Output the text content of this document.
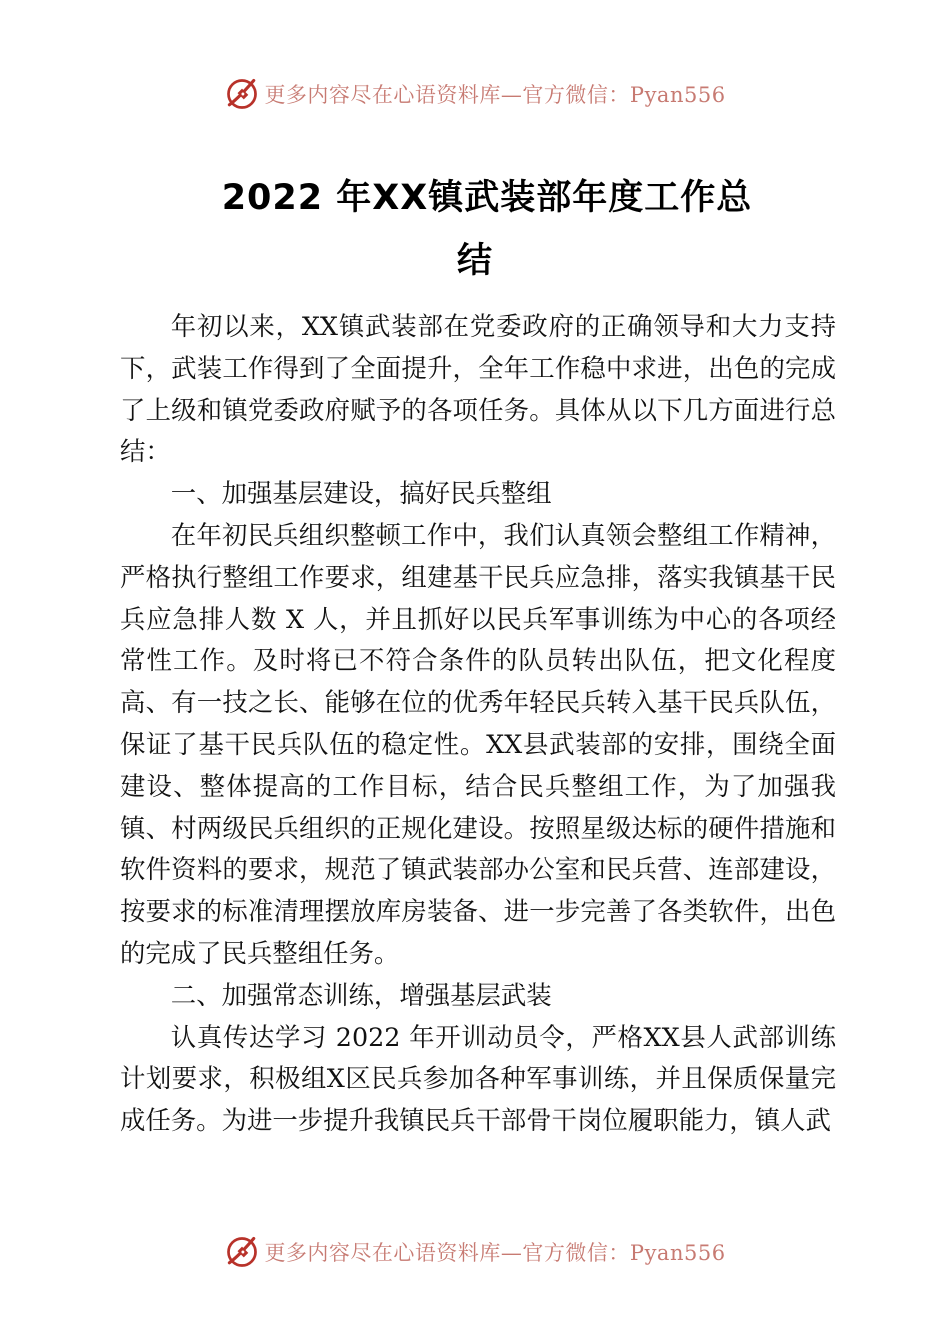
更多内容尽在心语资料库—官方微信：Pyan556
2022 年XX镇武装部年度工作总
结

年初以来，XX镇武装部在党委政府的正确领导和大力支持下，武装工作得到了全面提升，全年工作稳中求进，出色的完成了上级和镇党委政府赋予的各项任务。具体从以下几方面进行总结：

一、加强基层建设，搞好民兵整组

在年初民兵组织整顿工作中，我们认真领会整组工作精神，严格执行整组工作要求，组建基干民兵应急排，落实我镇基干民兵应急排人数 X 人，并且抓好以民兵军事训练为中心的各项经常性工作。及时将已不符合条件的队员转出队伍，把文化程度高、有一技之长、能够在位的优秀年轻民兵转入基干民兵队伍，保证了基干民兵队伍的稳定性。XX县武装部的安排，围绕全面建设、整体提高的工作目标，结合民兵整组工作，为了加强我镇、村两级民兵组织的正规化建设。按照星级达标的硬件措施和软件资料的要求，规范了镇武装部办公室和民兵营、连部建设，按要求的标准清理摆放库房装备、进一步完善了各类软件，出色的完成了民兵整组任务。

二、加强常态训练，增强基层武装

认真传达学习 2022 年开训动员令，严格XX县人武部训练计划要求，积极组X区民兵参加各种军事训练，并且保质保量完成任务。为进一步提升我镇民兵干部骨干岗位履职能力，镇人武

更多内容尽在心语资料库—官方微信：Pyan556
